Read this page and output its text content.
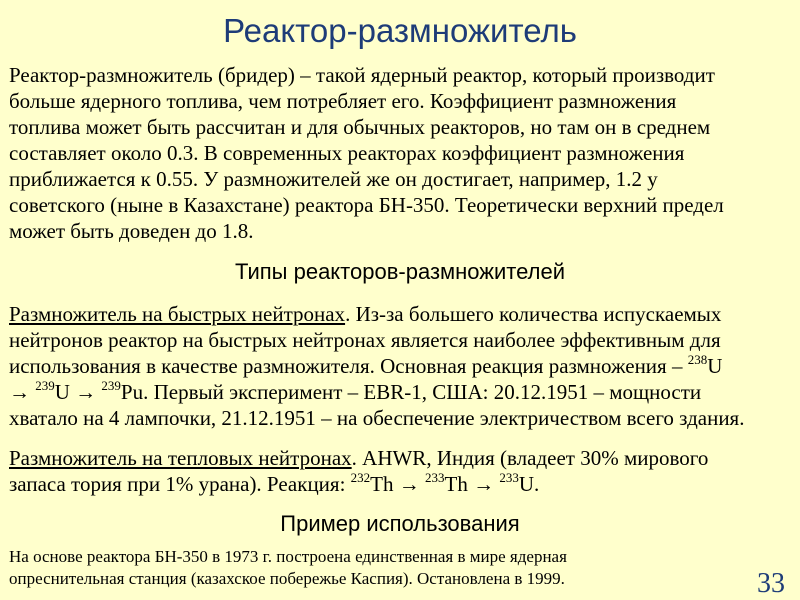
Реактор-размножитель
Реактор-размножитель (бридер) – такой ядерный реактор, который производит
больше ядерного топлива, чем потребляет его. Коэффициент размножения
топлива может быть рассчитан и для обычных реакторов, но там он в среднем
составляет около 0.3. В современных реакторах коэффициент размножения
приближается к 0.55. У размножителей же он достигает, например, 1.2 у
советского (ныне в Казахстане) реактора БН-350. Теоретически верхний предел
может быть доведен до 1.8.
Типы реакторов-размножителей
Размножитель на быстрых нейтронах. Из-за большего количества испускаемых
нейтронов реактор на быстрых нейтронах является наиболее эффективным для
использования в качестве размножителя. Основная реакция размножения – $^{238}$U
→ $^{239}$U → $^{239}$Pu. Первый эксперимент – EBR-1, США: 20.12.1951 – мощности
хватало на 4 лампочки, 21.12.1951 – на обеспечение электричеством всего здания.
Размножитель на тепловых нейтронах. AHWR, Индия (владеет 30% мирового
запаса тория при 1% урана). Реакция: $^{232}$Th → $^{233}$Th → $^{233}$U.
Пример использования
На основе реактора БН-350 в 1973 г. построена единственная в мире ядерная
опреснительная станция (казахское побережье Каспия). Остановлена в 1999.	33
